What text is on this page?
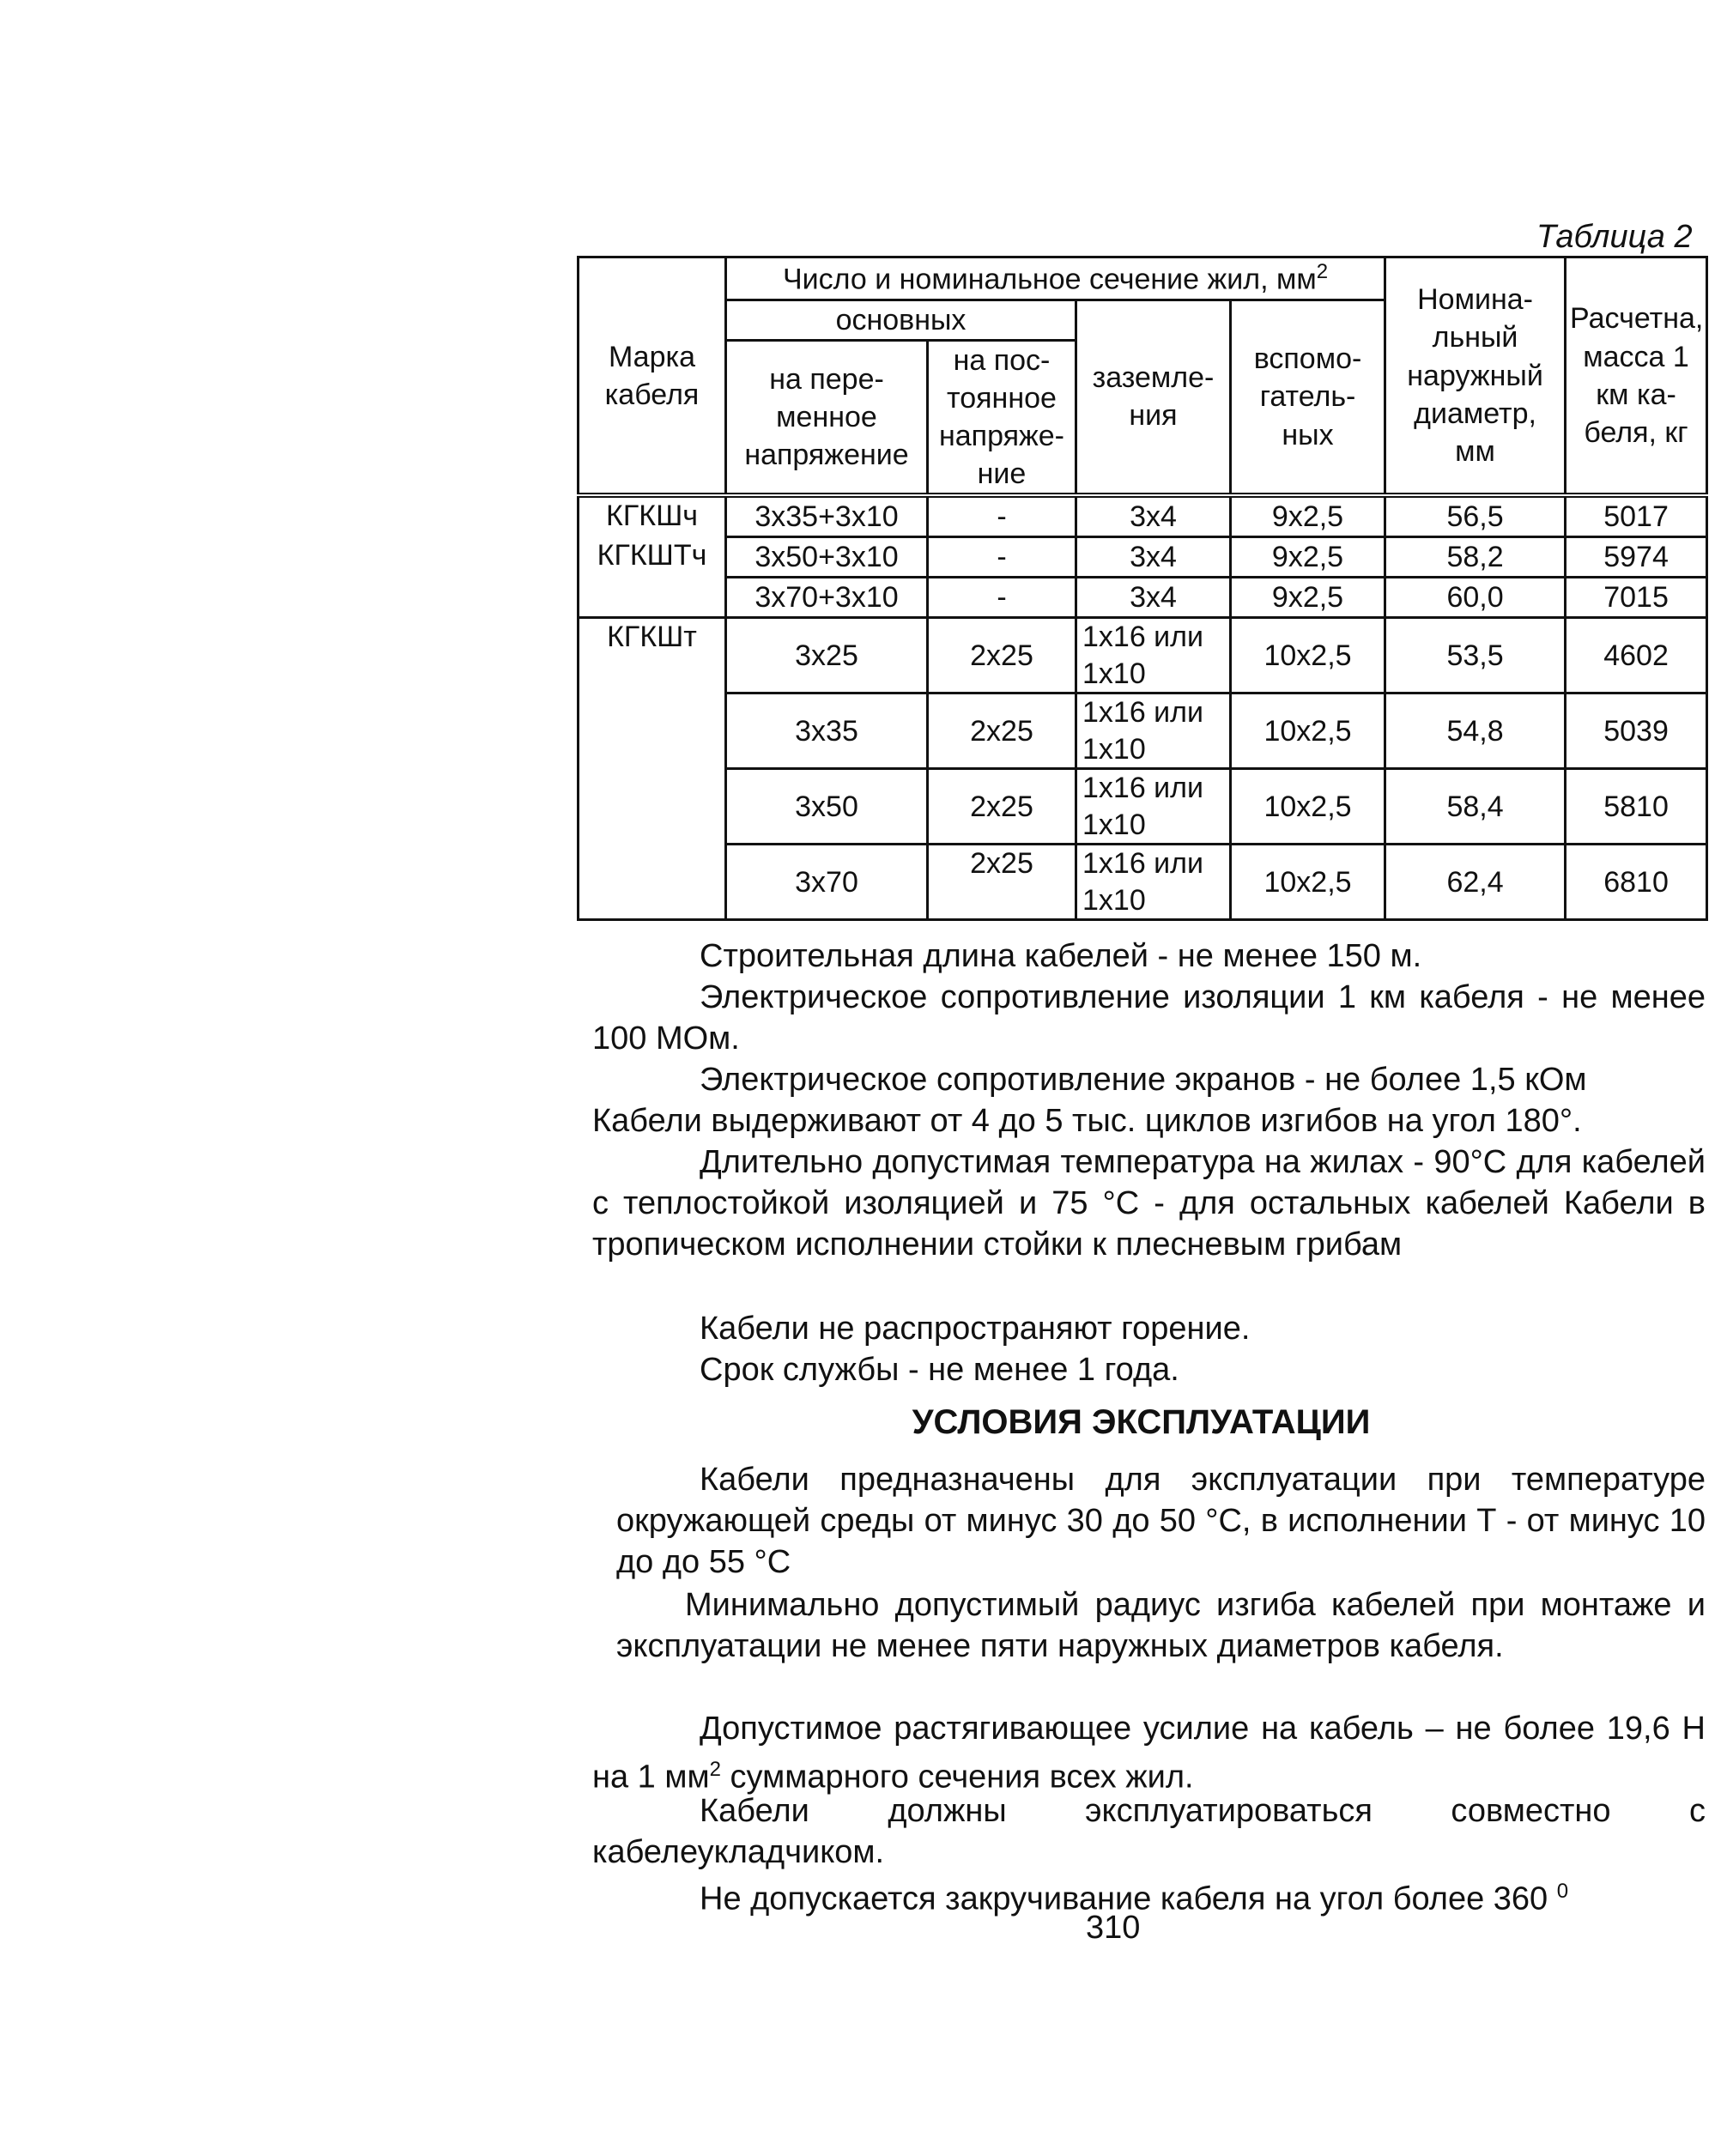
Таблица 2
Марка кабеля	Число и номинальное сечение жил, $мм^2$				Номина-льный наружный диаметр, мм	Расчетна, масса 1 км ка-беля, кг
	основных		заземле-ния	вспомо-гатель-ных		
	на пере-менное напряжение	на пос-тоянное напряже-ние				
КГКШч	3х35+3х10	-	3х4	9х2,5	56,5	5017
КГКШТч	3х50+3х10	-	3х4	9х2,5	58,2	5974
	3х70+3х10	-	3х4	9х2,5	60,0	7015
КГКШт	3х25	2х25	1х16 или 1х10	10х2,5	53,5	4602
	3х35	2х25	1х16 или 1х10	10х2,5	54,8	5039
	3х50	2х25	1х16 или 1х10	10х2,5	58,4	5810
	3х70	2х25	1х16 или 1х10	10х2,5	62,4	6810
Строительная длина кабелей - не менее 150 м.
Электрическое сопротивление изоляции 1 км кабеля - не менее 100 МОм.
Электрическое сопротивление экранов - не более 1,5 кОм
Кабели выдерживают от 4 до 5 тыс. циклов изгибов на угол 180°.
Длительно допустимая температура на жилах - 90°С для кабелей с теплостойкой изоляцией и 75 °С - для остальных кабелей Кабели в тропическом исполнении стойки к плесневым грибам
Кабели не распространяют горение.
Срок службы - не менее 1 года.
УСЛОВИЯ ЭКСПЛУАТАЦИИ
Кабели предназначены для эксплуатации при температуре окружающей среды от минус 30 до 50 °С, в исполнении Т - от минус 10 до до 55 °С
Минимально допустимый радиус изгиба кабелей при монтаже и эксплуатации не менее пяти наружных диаметров кабеля.
Допустимое растягивающее усилие на кабель – не более 19,6 Н на 1 $мм^2$ суммарного сечения всех жил.
Кабели должны эксплуатироваться совместно с кабелеукладчиком.
Не допускается закручивание кабеля на угол более 360 $^0$
310
